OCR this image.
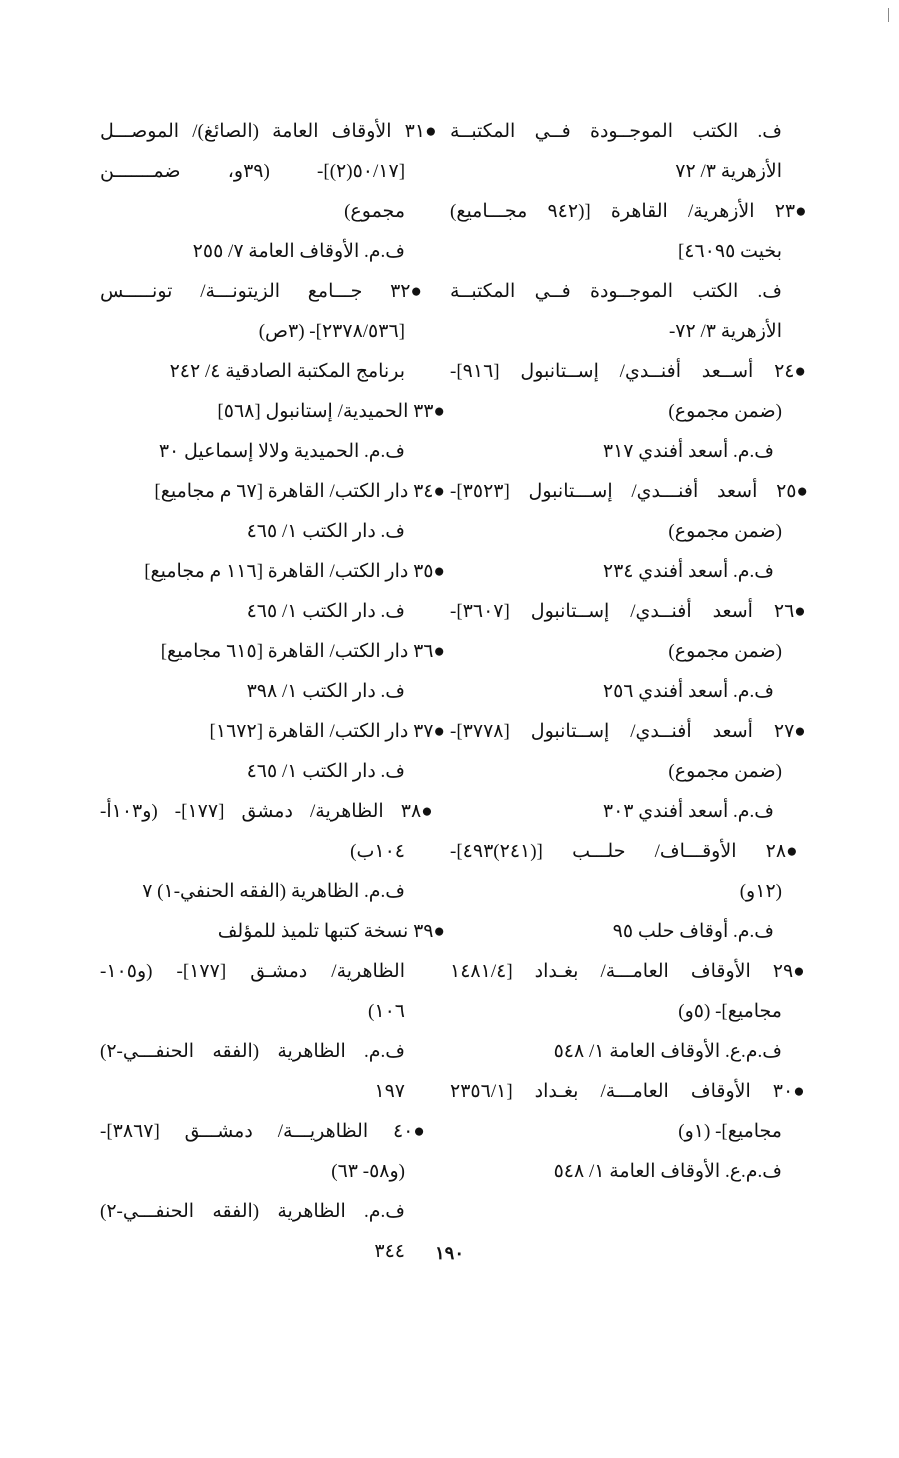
ف. الكتب الموجــودة فــي المكتبــة
الأزهرية ٣/ ٧٢
●٢٣ الأزهرية/ القاهرة [(٩٤٢ مجـــاميع)
بخيت ٤٦٠٩٥]
ف. الكتب الموجــودة فــي المكتبــة
الأزهرية ٣/ ٧٢-
●٢٤ أســعد أفنــدي/ إســتانبول [٩١٦]-
(ضمن مجموع)
ف.م. أسعد أفندي ٣١٧
●٢٥ أسعد أفنـــدي/ إســـتانبول [٣٥٢٣]-
(ضمن مجموع)
ف.م. أسعد أفندي ٢٣٤
●٢٦ أسعد أفنــدي/ إســتانبول [٣٦٠٧]-
(ضمن مجموع)
ف.م. أسعد أفندي ٢٥٦
●٢٧ أسعد أفنــدي/ إســتانبول [٣٧٧٨]-
(ضمن مجموع)
ف.م. أسعد أفندي ٣٠٣
●٢٨ الأوقـــاف/ حلـــب [(٢٤١)٤٩٣]-
(١٢و)
ف.م. أوقاف حلب ٩٥
●٢٩ الأوقاف العامـــة/ بغـداد [١٤٨١/٤
مجاميع]- (٥و)
ف.م.ع. الأوقاف العامة ١/ ٥٤٨
●٣٠ الأوقاف العامـــة/ بغـداد [٢٣٥٦/١
مجاميع]- (١و)
ف.م.ع. الأوقاف العامة ١/ ٥٤٨
●٣١ الأوقاف العامة (الصائغ)/ الموصـــل
[٥٠/١٧(٢)]- (٣٩و، ضمـــــــن
مجموع)
ف.م. الأوقاف العامة ٧/ ٢٥٥
●٣٢ جـــامع الزيتونـــة/ تونـــــس
[٢٣٧٨/٥٣٦]- (٣ص)
برنامج المكتبة الصادقية ٤/ ٢٤٢
●٣٣ الحميدية/ إستانبول [٥٦٨]
ف.م. الحميدية ولالا إسماعيل ٣٠
●٣٤ دار الكتب/ القاهرة [٦٧ م مجاميع]
ف. دار الكتب ١/ ٤٦٥
●٣٥ دار الكتب/ القاهرة [١١٦ م مجاميع]
ف. دار الكتب ١/ ٤٦٥
●٣٦ دار الكتب/ القاهرة [٦١٥ مجاميع]
ف. دار الكتب ١/ ٣٩٨
●٣٧ دار الكتب/ القاهرة [١٦٧٢]
ف. دار الكتب ١/ ٤٦٥
●٣٨ الظاهرية/ دمشق [١٧٧]- (و١٠٣أ-
١٠٤ب)
ف.م. الظاهرية (الفقه الحنفي-١) ٧
●٣٩ نسخة كتبها تلميذ للمؤلف
الظاهرية/ دمشـق [١٧٧]- (و١٠٥-
١٠٦)
ف.م. الظاهرية (الفقه الحنفـــي-٢)
١٩٧
●٤٠ الظاهريـــة/ دمشـــق [٣٨٦٧]-
(و٥٨- ٦٣)
ف.م. الظاهرية (الفقه الحنفـــي-٢)
٣٤٤	١٩٠
